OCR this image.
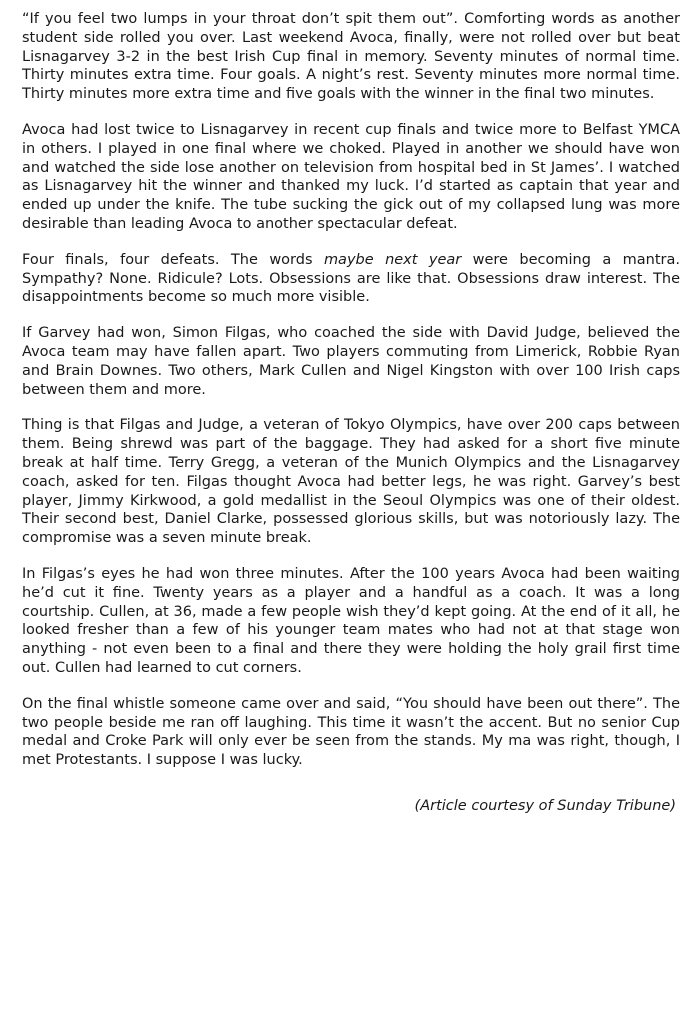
“If you feel two lumps in your throat don’t spit them out”. Comforting words as another student side rolled you over. Last weekend Avoca, finally, were not rolled over but beat Lisnagarvey 3-2 in the best Irish Cup final in memory. Seventy minutes of normal time. Thirty minutes extra time. Four goals. A night’s rest. Seventy minutes more normal time. Thirty minutes more extra time and five goals with the winner in the final two minutes.

Avoca had lost twice to Lisnagarvey in recent cup finals and twice more to Belfast YMCA in others. I played in one final where we choked. Played in another we should have won and watched the side lose another on television from hospital bed in St James’. I watched as Lisnagarvey hit the winner and thanked my luck. I’d started as captain that year and ended up under the knife. The tube sucking the gick out of my collapsed lung was more desirable than leading Avoca to another spectacular defeat.

Four finals, four defeats. The words maybe next year were becoming a mantra. Sympathy? None. Ridicule? Lots. Obsessions are like that. Obsessions draw interest. The disappointments become so much more visible.

If Garvey had won, Simon Filgas, who coached the side with David Judge, believed the Avoca team may have fallen apart. Two players commuting from Limerick, Robbie Ryan and Brain Downes. Two others, Mark Cullen and Nigel Kingston with over 100 Irish caps between them and more.

Thing is that Filgas and Judge, a veteran of Tokyo Olympics, have over 200 caps between them. Being shrewd was part of the baggage. They had asked for a short five minute break at half time. Terry Gregg, a veteran of the Munich Olympics and the Lisnagarvey coach, asked for ten. Filgas thought Avoca had better legs, he was right. Garvey’s best player, Jimmy Kirkwood, a gold medallist in the Seoul Olympics was one of their oldest. Their second best, Daniel Clarke, possessed glorious skills, but was notoriously lazy. The compromise was a seven minute break.

In Filgas’s eyes he had won three minutes. After the 100 years Avoca had been waiting he’d cut it fine. Twenty years as a player and a handful as a coach. It was a long courtship. Cullen, at 36, made a few people wish they’d kept going. At the end of it all, he looked fresher than a few of his younger team mates who had not at that stage won anything - not even been to a final and there they were holding the holy grail first time out. Cullen had learned to cut corners.

On the final whistle someone came over and said, “You should have been out there”. The two people beside me ran off laughing. This time it wasn’t the accent. But no senior Cup medal and Croke Park will only ever be seen from the stands. My ma was right, though, I met Protestants. I suppose I was lucky.

(Article courtesy of Sunday Tribune)
